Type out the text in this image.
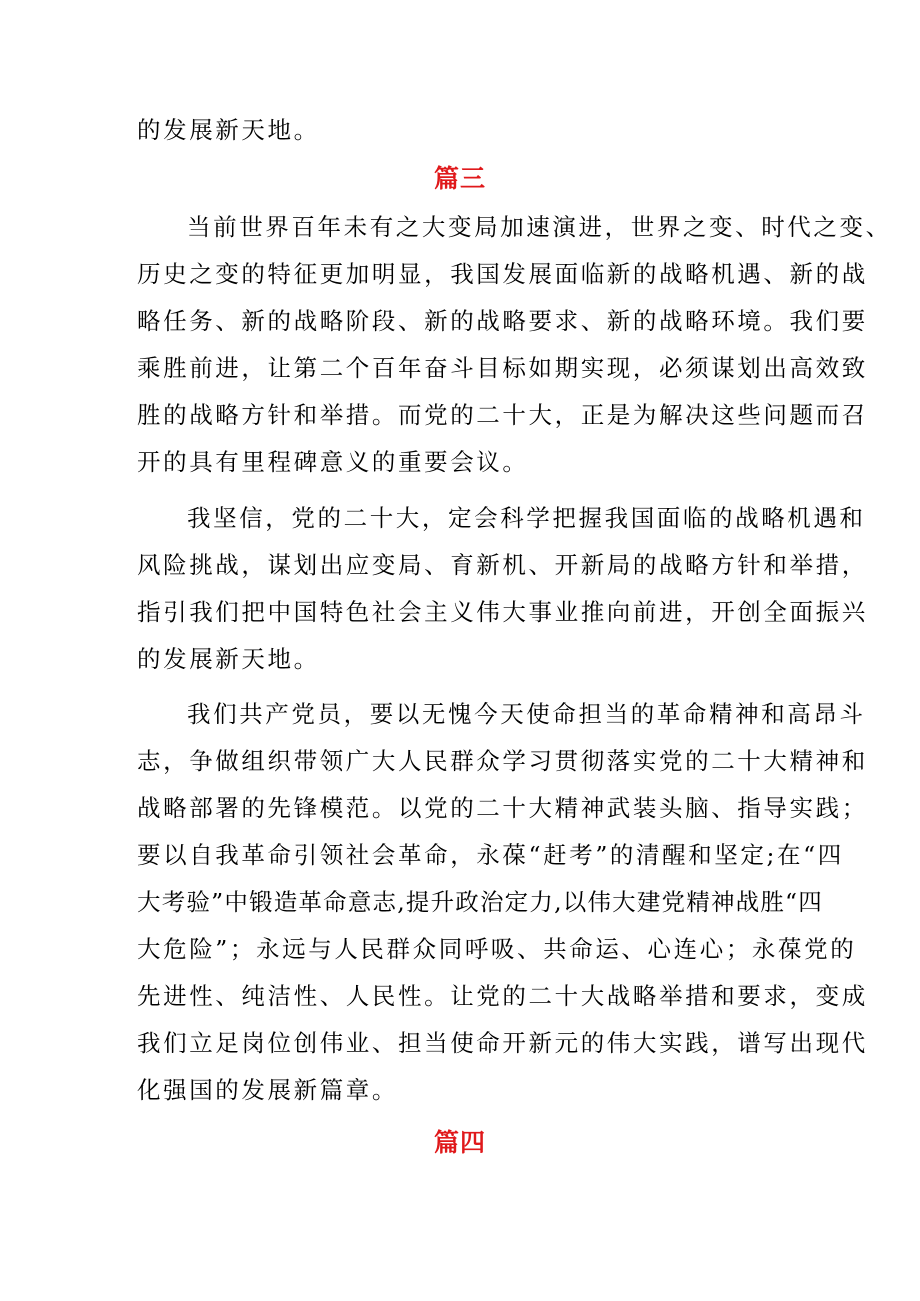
的发展新天地。
篇三
当前世界百年未有之大变局加速演进，世界之变、时代之变、
历史之变的特征更加明显，我国发展面临新的战略机遇、新的战
略任务、新的战略阶段、新的战略要求、新的战略环境。我们要
乘胜前进，让第二个百年奋斗目标如期实现，必须谋划出高效致
胜的战略方针和举措。而党的二十大，正是为解决这些问题而召
开的具有里程碑意义的重要会议。
我坚信，党的二十大，定会科学把握我国面临的战略机遇和
风险挑战，谋划出应变局、育新机、开新局的战略方针和举措，
指引我们把中国特色社会主义伟大事业推向前进，开创全面振兴
的发展新天地。
我们共产党员，要以无愧今天使命担当的革命精神和高昂斗
志，争做组织带领广大人民群众学习贯彻落实党的二十大精神和
战略部署的先锋模范。以党的二十大精神武装头脑、指导实践；
要以自我革命引领社会革命，永葆“赶考”的清醒和坚定;在“四
大考验”中锻造革命意志,提升政治定力,以伟大建党精神战胜“四
大危险”；永远与人民群众同呼吸、共命运、心连心；永葆党的
先进性、纯洁性、人民性。让党的二十大战略举措和要求，变成
我们立足岗位创伟业、担当使命开新元的伟大实践，谱写出现代
化强国的发展新篇章。
篇四
